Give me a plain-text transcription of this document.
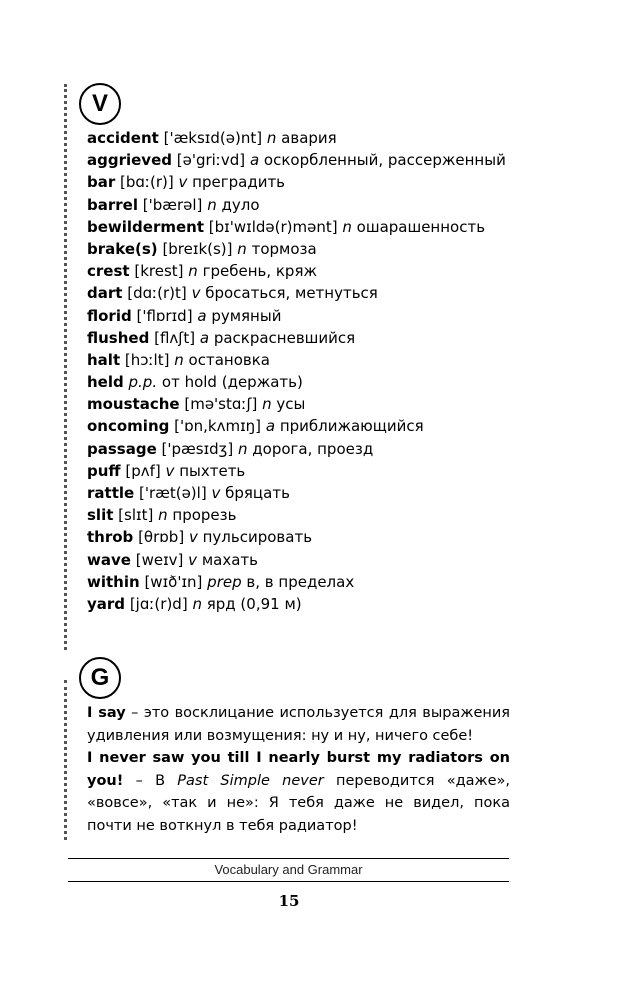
V
accident ['æksɪd(ə)nt] n авария
aggrieved [ə'griːvd] a оскорбленный, рассерженный
bar [bɑː(r)] v преградить
barrel ['bærəl] n дуло
bewilderment [bɪ'wɪldə(r)mənt] n ошарашенность
brake(s) [breɪk(s)] n тормоза
crest [krest] n гребень, кряж
dart [dɑː(r)t] v бросаться, метнуться
florid ['flɒrɪd] a румяный
flushed [flʌʃt] a раскрасневшийся
halt [hɔːlt] n остановка
held p.p. от hold (держать)
moustache [mə'stɑːʃ] n усы
oncoming ['ɒn,kʌmɪŋ] a приближающийся
passage ['pæsɪdʒ] n дорога, проезд
puff [pʌf] v пыхтеть
rattle ['ræt(ə)l] v бряцать
slit [slɪt] n прорезь
throb [θrɒb] v пульсировать
wave [weɪv] v махать
within [wɪð'ɪn] prep в, в пределах
yard [jɑː(r)d] n ярд (0,91 м)
G

I say – это восклицание используется для выражения удивления или возмущения: ну и ну, ничего себе!

I never saw you till I nearly burst my radiators on you! – В Past Simple never переводится «даже», «вовсе», «так и не»: Я тебя даже не видел, пока почти не воткнул в тебя радиатор!

Vocabulary and Grammar
15
